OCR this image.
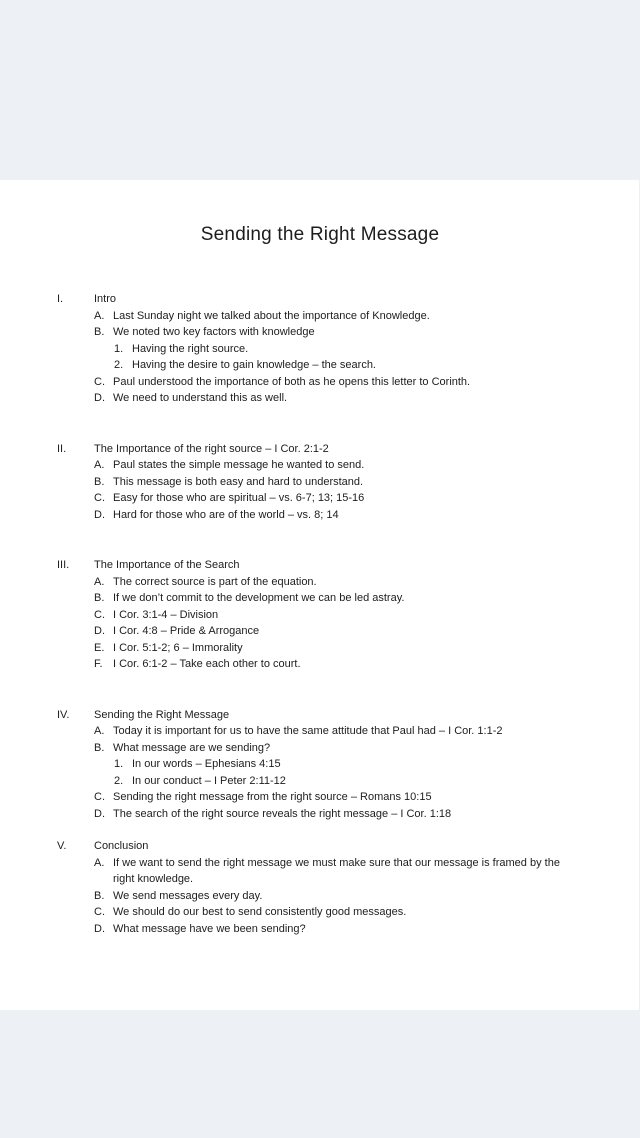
Sending the Right Message
I.	Intro
A. Last Sunday night we talked about the importance of Knowledge.
B. We noted two key factors with knowledge
1. Having the right source.
2. Having the desire to gain knowledge – the search.
C. Paul understood the importance of both as he opens this letter to Corinth.
D. We need to understand this as well.
II.	The Importance of the right source – I Cor. 2:1-2
A. Paul states the simple message he wanted to send.
B. This message is both easy and hard to understand.
C. Easy for those who are spiritual – vs. 6-7; 13; 15-16
D. Hard for those who are of the world – vs. 8; 14
III.	The Importance of the Search
A. The correct source is part of the equation.
B. If we don’t commit to the development we can be led astray.
C. I Cor. 3:1-4 – Division
D. I Cor. 4:8 – Pride & Arrogance
E. I Cor. 5:1-2; 6 – Immorality
F. I Cor. 6:1-2 – Take each other to court.
IV.	Sending the Right Message
A. Today it is important for us to have the same attitude that Paul had – I Cor. 1:1-2
B. What message are we sending?
1. In our words – Ephesians 4:15
2. In our conduct – I Peter 2:11-12
C. Sending the right message from the right source – Romans 10:15
D. The search of the right source reveals the right message – I Cor. 1:18
V.	Conclusion
A. If we want to send the right message we must make sure that our message is framed by the right knowledge.
B. We send messages every day.
C. We should do our best to send consistently good messages.
D. What message have we been sending?
